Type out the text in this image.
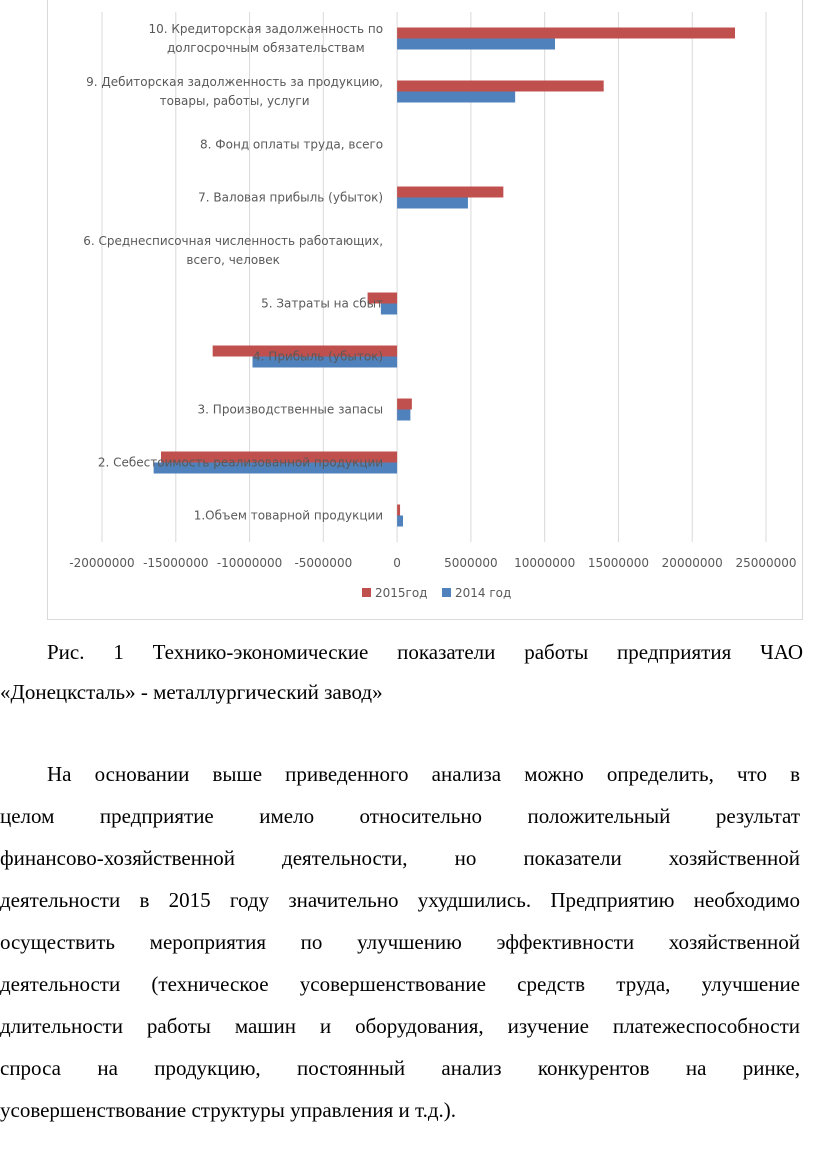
10. Кредиторская задолженность по долгосрочным обязательствам
9. Дебиторская задолженность за продукцию, товары, работы, услуги
8. Фонд оплаты труда, всего
7. Валовая прибыль (убыток)
6. Среднесписочная численность работающих, всего, человек
5. Затраты на сбыт
4. Прибыль (убыток)
3. Производственные запасы
2. Себестоимость реализованной продукции
1.Объем товарной продукции
-20000000 -15000000 -10000000 -5000000	0	5000000 10000000 15000000 20000000 25000000
2015год 2014 год

Рис. 1 Технико-экономические показатели работы предприятия ЧАО

«Донецксталь» - металлургический завод»

На основании выше приведенного анализа можно определить, что в

целом предприятие имело относительно положительный результат

финансово-хозяйственной деятельности, но показатели хозяйственной

деятельности в 2015 году значительно ухудшились. Предприятию необходимо

осуществить мероприятия по улучшению эффективности хозяйственной

деятельности (техническое усовершенствование средств труда, улучшение

длительности работы машин и оборудования, изучение платежеспособности

спроса на продукцию, постоянный анализ конкурентов на ринке,

усовершенствование структуры управления и т.д.).
